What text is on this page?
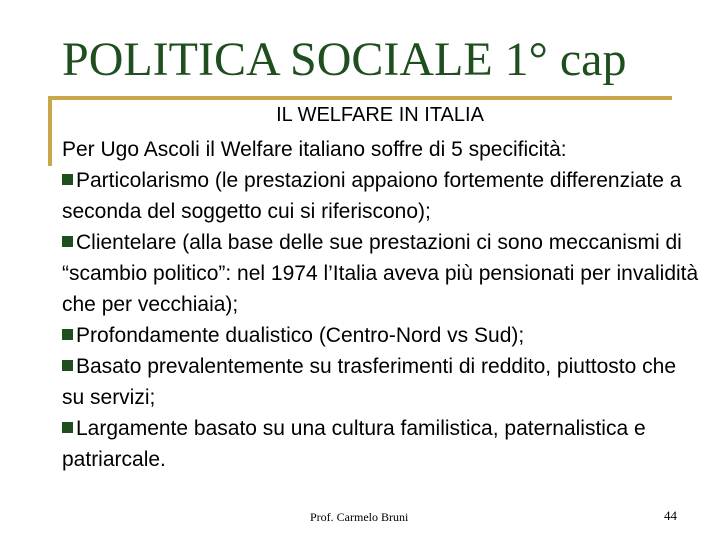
POLITICA SOCIALE 1° cap
IL WELFARE IN ITALIA

Per Ugo Ascoli il Welfare italiano soffre di 5 specificità:

Particolarismo (le prestazioni appaiono fortemente differenziate a seconda del soggetto cui si riferiscono);

Clientelare (alla base delle sue prestazioni ci sono meccanismi di “scambio politico”: nel 1974 l’Italia aveva più pensionati per invalidità che per vecchiaia);

Profondamente dualistico (Centro-Nord vs Sud);

Basato prevalentemente su trasferimenti di reddito, piuttosto che su servizi;

Largamente basato su una cultura familistica, paternalistica e patriarcale.

Prof. Carmelo Bruni	44
